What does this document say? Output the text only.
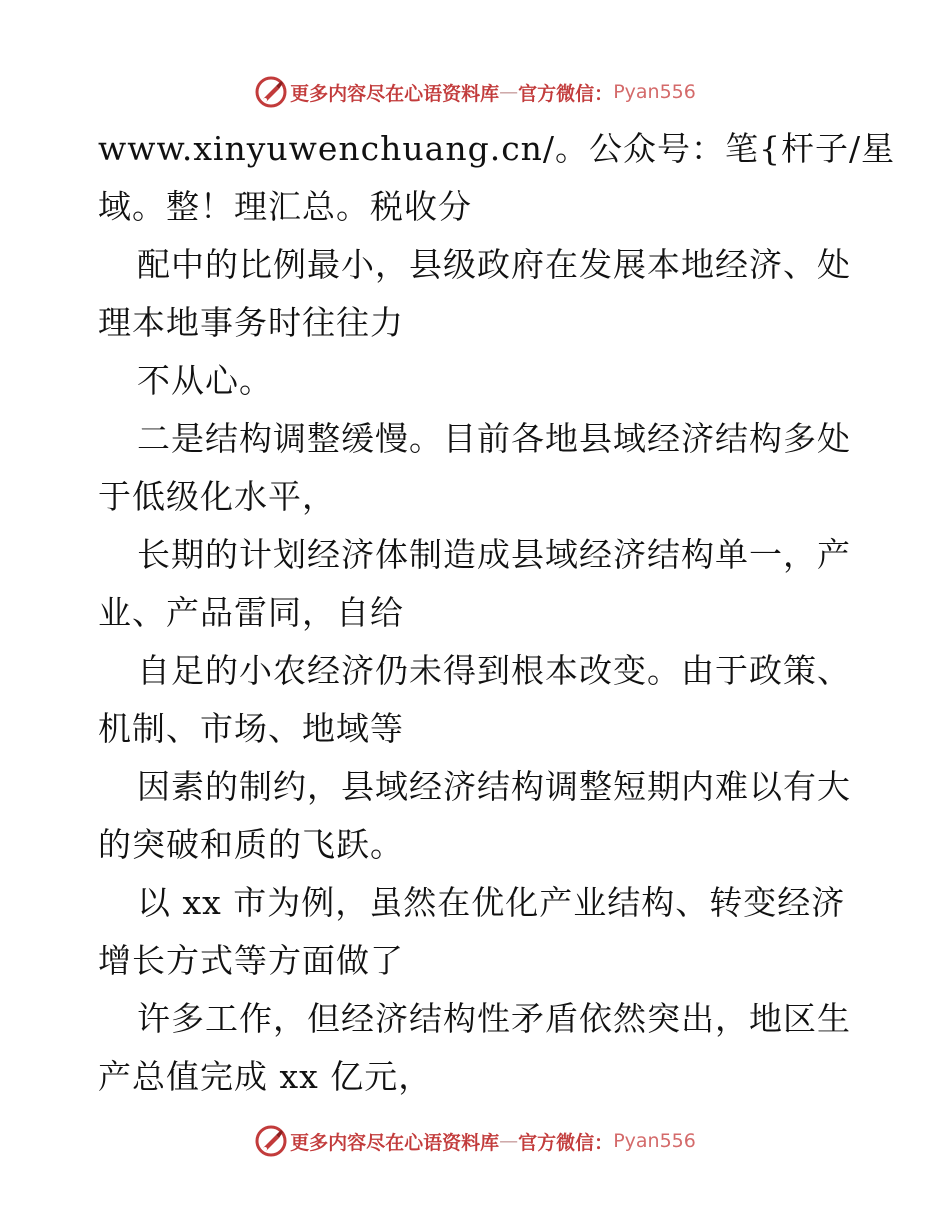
更多内容尽在心语资料库 — 官方微信： Pyan556
www.xinyuwenchuang.cn/。公众号：笔{杆子/星
域。整！理汇总。税收分
配中的比例最小，县级政府在发展本地经济、处
理本地事务时往往力
不从心。
二是结构调整缓慢。目前各地县域经济结构多处
于低级化水平，
长期的计划经济体制造成县域经济结构单一，产
业、产品雷同，自给
自足的小农经济仍未得到根本改变。由于政策、
机制、市场、地域等
因素的制约，县域经济结构调整短期内难以有大
的突破和质的飞跃。
以 xx 市为例，虽然在优化产业结构、转变经济
增长方式等方面做了
许多工作，但经济结构性矛盾依然突出，地区生
产总值完成 xx 亿元，
更多内容尽在心语资料库 — 官方微信： Pyan556
